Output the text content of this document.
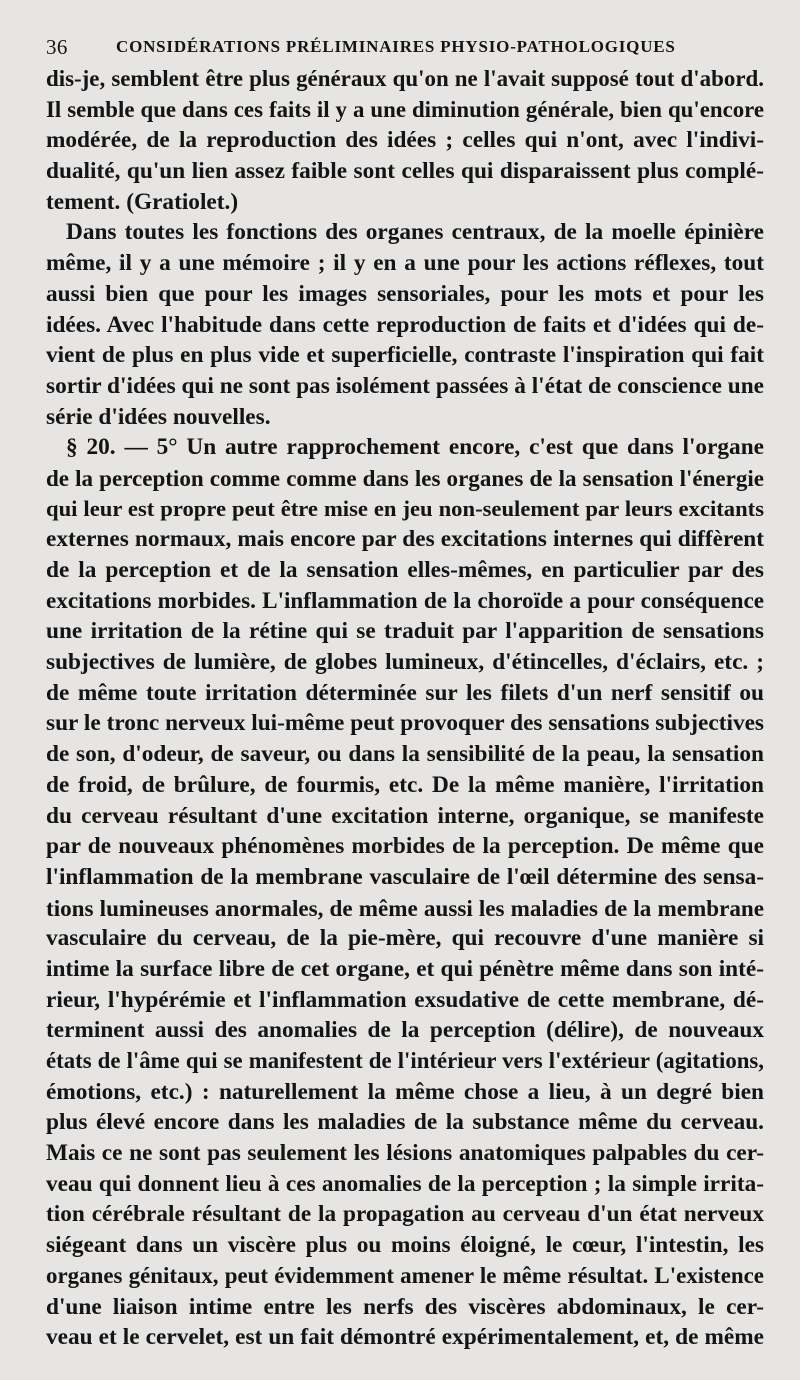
36	CONSIDÉRATIONS PRÉLIMINAIRES PHYSIO-PATHOLOGIQUES
dis-je, semblent être plus généraux qu'on ne l'avait supposé tout d'abord.
Il semble que dans ces faits il y a une diminution générale, bien qu'encore
modérée, de la reproduction des idées ; celles qui n'ont, avec l'indivi-
dualité, qu'un lien assez faible sont celles qui disparaissent plus complé-
tement. (Gratiolet.)
Dans toutes les fonctions des organes centraux, de la moelle épinière
même, il y a une mémoire ; il y en a une pour les actions réflexes, tout
aussi bien que pour les images sensoriales, pour les mots et pour les
idées. Avec l'habitude dans cette reproduction de faits et d'idées qui de-
vient de plus en plus vide et superficielle, contraste l'inspiration qui fait
sortir d'idées qui ne sont pas isolément passées à l'état de conscience une
série d'idées nouvelles.
§ 20. — 5° Un autre rapprochement encore, c'est que dans l'organe
de la perception comme comme dans les organes de la sensation l'énergie
qui leur est propre peut être mise en jeu non-seulement par leurs excitants
externes normaux, mais encore par des excitations internes qui diffèrent
de la perception et de la sensation elles-mêmes, en particulier par des
excitations morbides. L'inflammation de la choroïde a pour conséquence
une irritation de la rétine qui se traduit par l'apparition de sensations
subjectives de lumière, de globes lumineux, d'étincelles, d'éclairs, etc. ;
de même toute irritation déterminée sur les filets d'un nerf sensitif ou
sur le tronc nerveux lui-même peut provoquer des sensations subjectives
de son, d'odeur, de saveur, ou dans la sensibilité de la peau, la sensation
de froid, de brûlure, de fourmis, etc. De la même manière, l'irritation
du cerveau résultant d'une excitation interne, organique, se manifeste
par de nouveaux phénomènes morbides de la perception. De même que
l'inflammation de la membrane vasculaire de l'œil détermine des sensa-
tions lumineuses anormales, de même aussi les maladies de la membrane
vasculaire du cerveau, de la pie-mère, qui recouvre d'une manière si
intime la surface libre de cet organe, et qui pénètre même dans son inté-
rieur, l'hypérémie et l'inflammation exsudative de cette membrane, dé-
terminent aussi des anomalies de la perception (délire), de nouveaux
états de l'âme qui se manifestent de l'intérieur vers l'extérieur (agitations,
émotions, etc.) : naturellement la même chose a lieu, à un degré bien
plus élevé encore dans les maladies de la substance même du cerveau.
Mais ce ne sont pas seulement les lésions anatomiques palpables du cer-
veau qui donnent lieu à ces anomalies de la perception ; la simple irrita-
tion cérébrale résultant de la propagation au cerveau d'un état nerveux
siégeant dans un viscère plus ou moins éloigné, le cœur, l'intestin, les
organes génitaux, peut évidemment amener le même résultat. L'existence
d'une liaison intime entre les nerfs des viscères abdominaux, le cer-
veau et le cervelet, est un fait démontré expérimentalement, et, de même
